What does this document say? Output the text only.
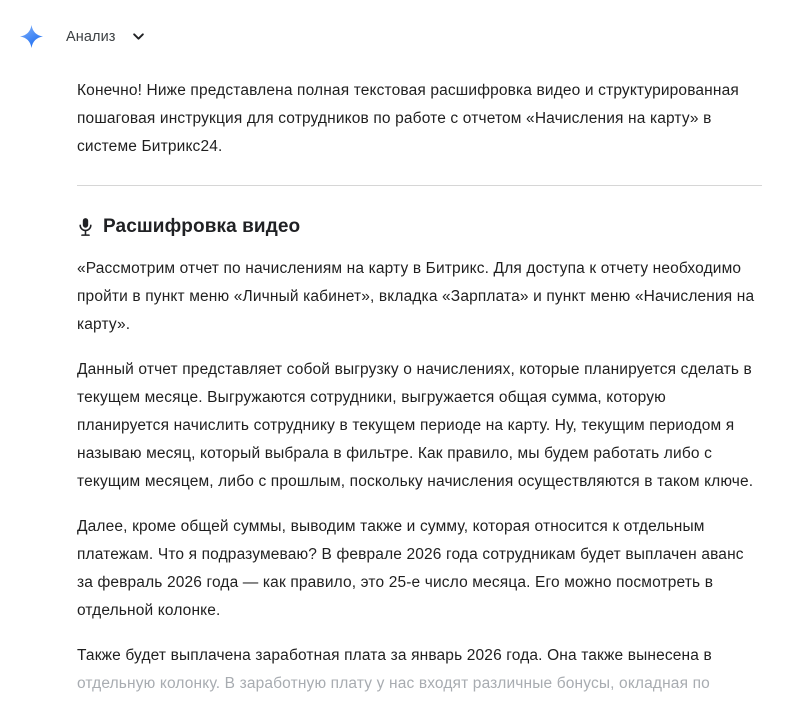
Анализ

Конечно! Ниже представлена полная текстовая расшифровка видео и структурированная пошаговая инструкция для сотрудников по работе с отчетом «Начисления на карту» в системе Битрикс24.

Расшифровка видео

«Рассмотрим отчет по начислениям на карту в Битрикс. Для доступа к отчету необходимо пройти в пункт меню «Личный кабинет», вкладка «Зарплата» и пункт меню «Начисления на карту».

Данный отчет представляет собой выгрузку о начислениях, которые планируется сделать в текущем месяце. Выгружаются сотрудники, выгружается общая сумма, которую планируется начислить сотруднику в текущем периоде на карту. Ну, текущим периодом я называю месяц, который выбрала в фильтре. Как правило, мы будем работать либо с текущим месяцем, либо с прошлым, поскольку начисления осуществляются в таком ключе.

Далее, кроме общей суммы, выводим также и сумму, которая относится к отдельным платежам. Что я подразумеваю? В феврале 2026 года сотрудникам будет выплачен аванс за февраль 2026 года — как правило, это 25-е число месяца. Его можно посмотреть в отдельной колонке.

Также будет выплачена заработная плата за январь 2026 года. Она также вынесена в отдельную колонку. В заработную плату у нас входят различные бонусы, окладная по
